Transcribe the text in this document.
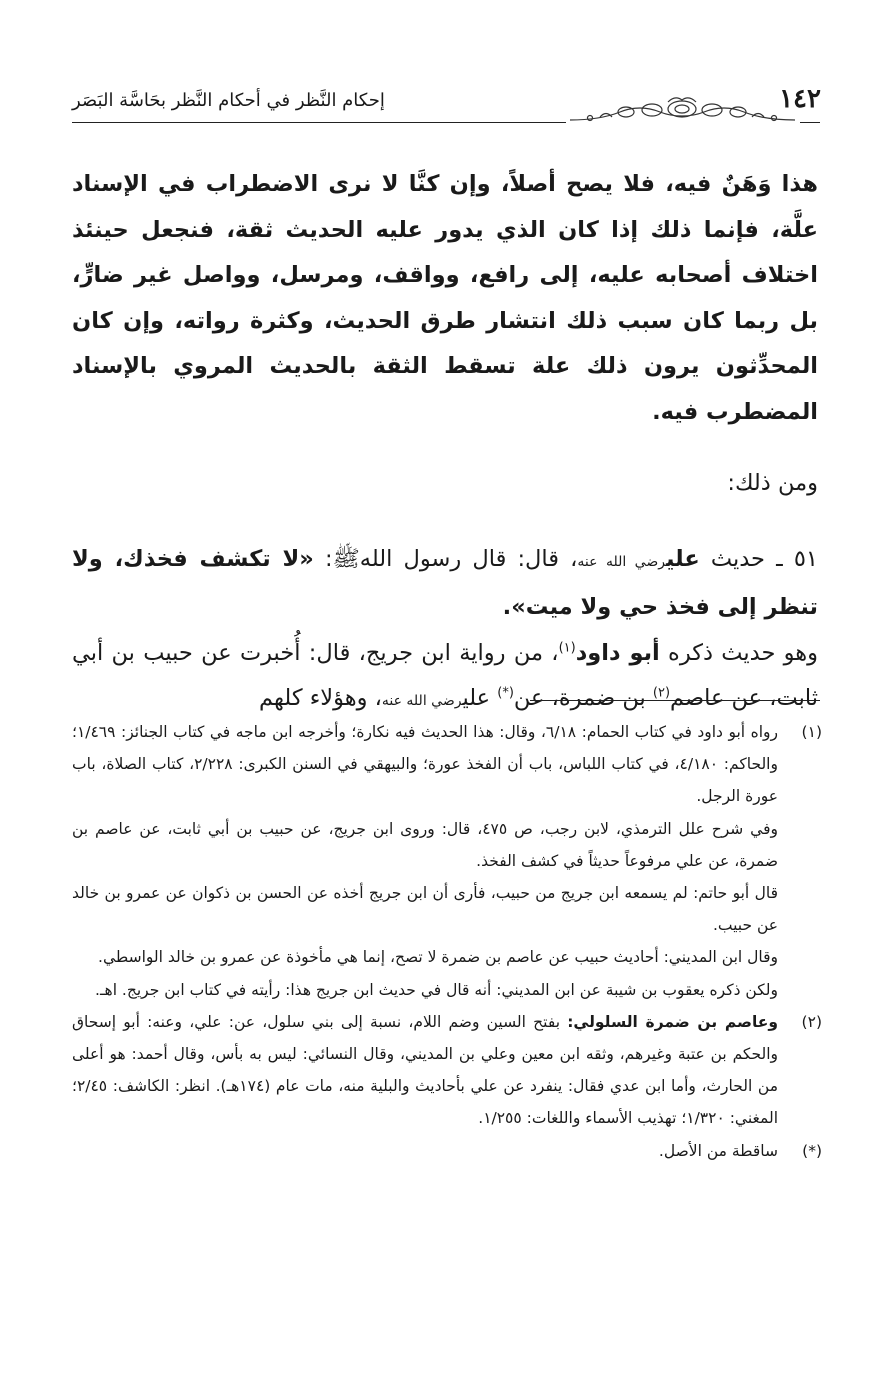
١٤٢
إحكام النَّظر في أحكام النَّظر بحَاسَّة البَصَر

هذا وَهَنٌ فيه، فلا يصح أصلاً، وإن كنَّا لا نرى الاضطراب في الإسناد علَّة، فإنما ذلك إذا كان الذي يدور عليه الحديث ثقة، فنجعل حينئذ اختلاف أصحابه عليه، إلى رافع، وواقف، ومرسل، وواصل غير ضارٍّ، بل ربما كان سبب ذلك انتشار طرق الحديث، وكثرة رواته، وإن كان المحدِّثون يرون ذلك علة تسقط الثقة بالحديث المروي بالإسناد المضطرب فيه.

ومن ذلك:

٥١ ـ حديث عليرضي الله عنه، قال: قال رسول اللهﷺ: «لا تكشف فخذك، ولا تنظر إلى فخذ حي ولا ميت».

وهو حديث ذكره أبو داود$^{(١)}$، من رواية ابن جريج، قال: أُخبرت عن حبيب بن أبي ثابت، عن عاصم$^{(٢)}$ بن ضمرة، عن(*) عليرضي الله عنه، وهؤلاء كلهم

(١)

رواه أبو داود في كتاب الحمام: ٦/١٨، وقال: هذا الحديث فيه نكارة؛ وأخرجه ابن ماجه في كتاب الجنائز: ١/٤٦٩؛ والحاكم: ٤/١٨٠، في كتاب اللباس، باب أن الفخذ عورة؛ والبيهقي في السنن الكبرى: ٢/٢٢٨، كتاب الصلاة، باب عورة الرجل.

وفي شرح علل الترمذي، لابن رجب، ص ٤٧٥، قال: وروى ابن جريج، عن حبيب بن أبي ثابت، عن عاصم بن ضمرة، عن علي مرفوعاً حديثاً في كشف الفخذ.

قال أبو حاتم: لم يسمعه ابن جريج من حبيب، فأرى أن ابن جريج أخذه عن الحسن بن ذكوان عن عمرو بن خالد عن حبيب.

وقال ابن المديني: أحاديث حبيب عن عاصم بن ضمرة لا تصح، إنما هي مأخوذة عن عمرو بن خالد الواسطي.

ولكن ذكره يعقوب بن شيبة عن ابن المديني: أنه قال في حديث ابن جريج هذا: رأيته في كتاب ابن جريج. اهـ.

(٢)

وعاصم بن ضمرة السلولي: بفتح السين وضم اللام، نسبة إلى بني سلول، عن: علي، وعنه: أبو إسحاق والحكم بن عتبة وغيرهم، وثقه ابن معين وعلي بن المديني، وقال النسائي: ليس به بأس، وقال أحمد: هو أعلى من الحارث، وأما ابن عدي فقال: ينفرد عن علي بأحاديث والبلية منه، مات عام (١٧٤هـ). انظر: الكاشف: ٢/٤٥؛ المغني: ١/٣٢٠؛ تهذيب الأسماء واللغات: ١/٢٥٥.

(*)

ساقطة من الأصل.
